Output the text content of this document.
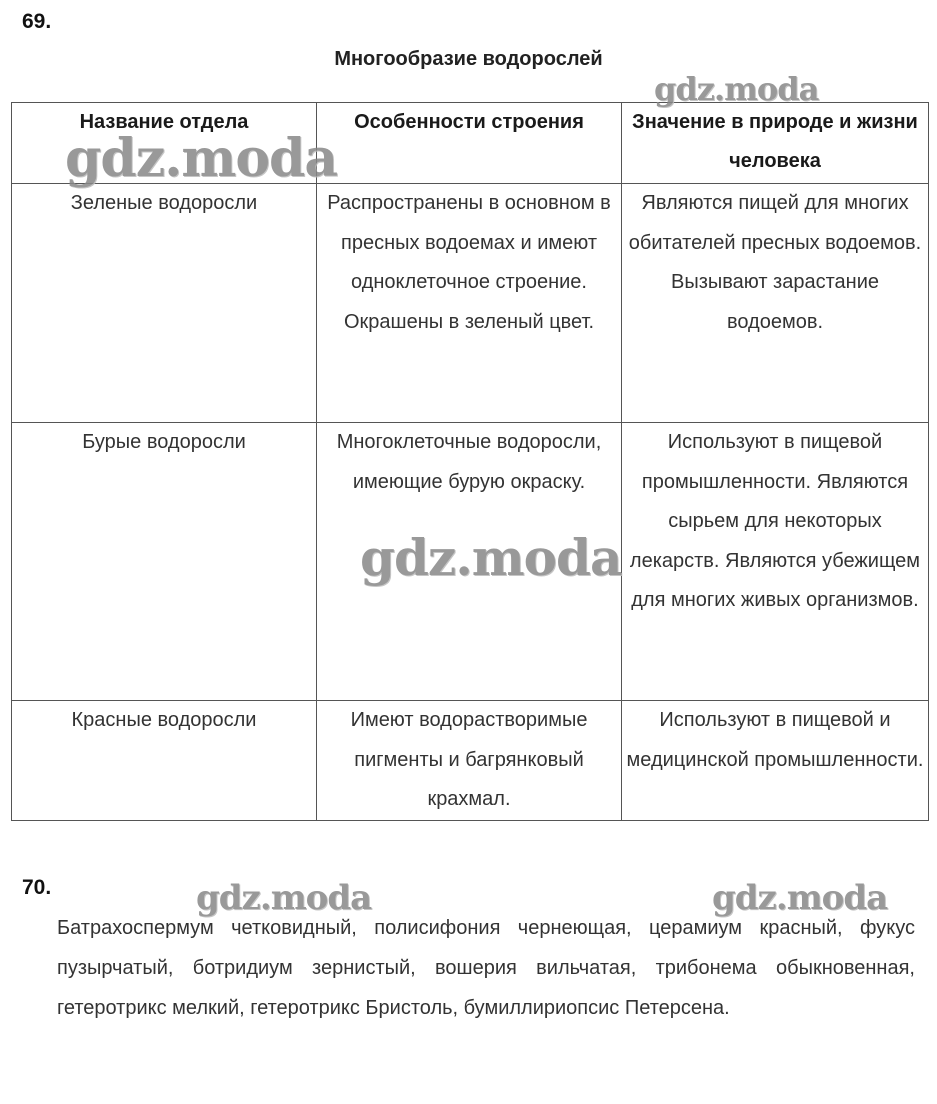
69.
Многообразие водорослей
Название отдела	Особенности строения	Значение в природе и жизни человека
Зеленые водоросли	Распространены в основном в пресных водоемах и имеют одноклеточное строение. Окрашены в зеленый цвет.	Являются пищей для многих обитателей пресных водоемов. Вызывают зарастание водоемов.
Бурые водоросли	Многоклеточные водоросли, имеющие бурую окраску.	Используют в пищевой промышленности. Являются сырьем для некоторых лекарств. Являются убежищем для многих живых организмов.
Красные водоросли	Имеют водорастворимые пигменты и багрянковый крахмал.	Используют в пищевой и медицинской промышленности.
70.
Батрахоспермум четковидный, полисифония чернеющая, церамиум красный, фукус пузырчатый, ботридиум зернистый, вошерия вильчатая, трибонема обыкновенная, гетеротрикс мелкий, гетеротрикс Бристоль, бумиллириопсис Петерсена.
gdz.moda
gdz.moda
gdz.moda
gdz.moda	gdz.moda
